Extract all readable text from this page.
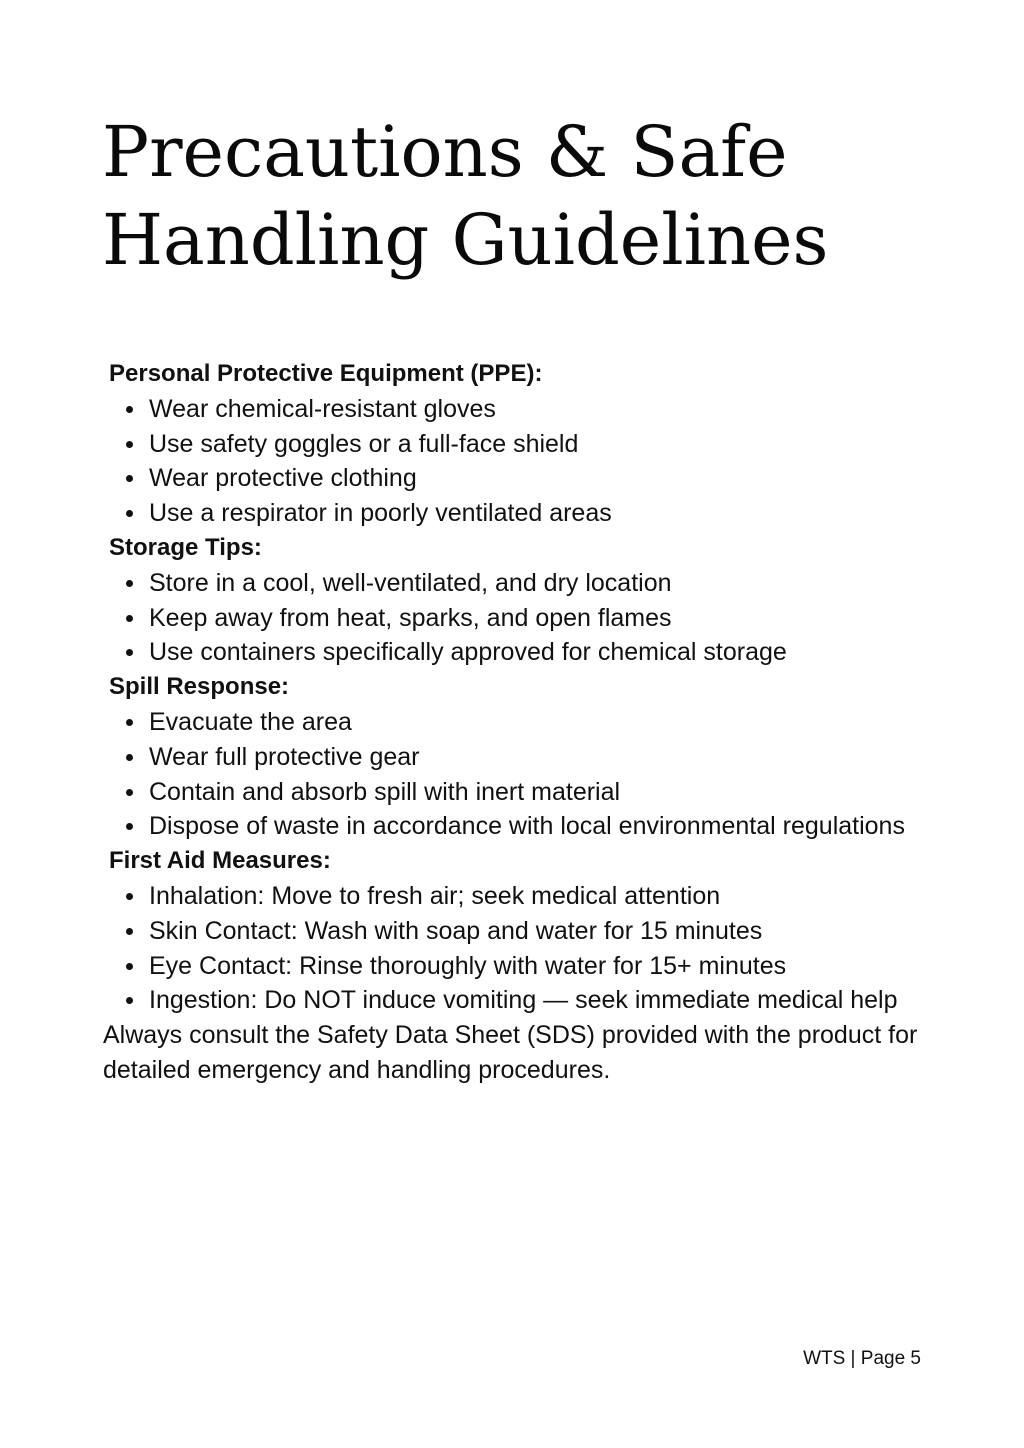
Precautions & Safe Handling Guidelines

Personal Protective Equipment (PPE):

Wear chemical-resistant gloves
Use safety goggles or a full-face shield
Wear protective clothing
Use a respirator in poorly ventilated areas

Storage Tips:

Store in a cool, well-ventilated, and dry location
Keep away from heat, sparks, and open flames
Use containers specifically approved for chemical storage

Spill Response:

Evacuate the area
Wear full protective gear
Contain and absorb spill with inert material
Dispose of waste in accordance with local environmental regulations

First Aid Measures:

Inhalation: Move to fresh air; seek medical attention
Skin Contact: Wash with soap and water for 15 minutes
Eye Contact: Rinse thoroughly with water for 15+ minutes
Ingestion: Do NOT induce vomiting — seek immediate medical help

Always consult the Safety Data Sheet (SDS) provided with the product for detailed emergency and handling procedures.

WTS | Page 5
